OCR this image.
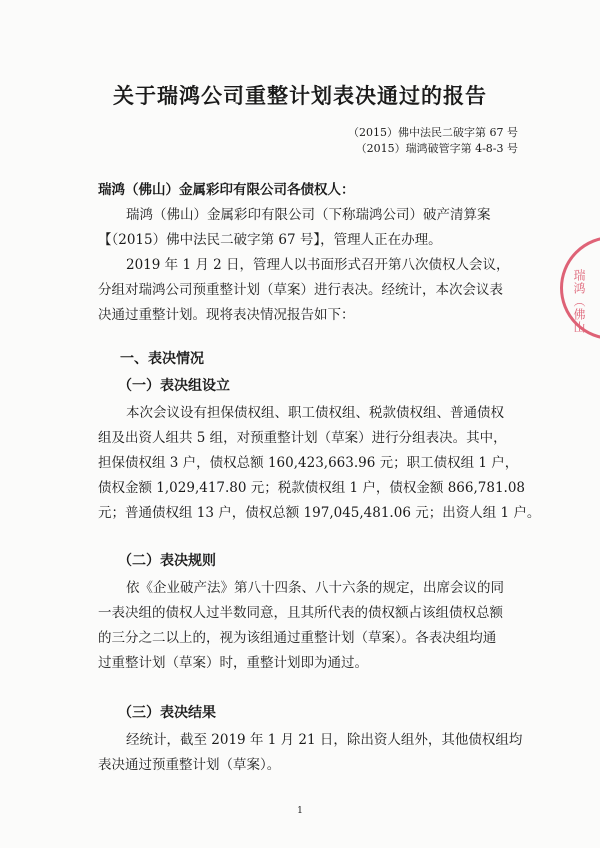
关于瑞鸿公司重整计划表决通过的报告
（2015）佛中法民二破字第 67 号
（2015）瑞鸿破管字第 4-8-3 号
瑞鸿（佛山）金属彩印有限公司各债权人：
瑞鸿（佛山）金属彩印有限公司（下称瑞鸿公司）破产清算案
【（2015）佛中法民二破字第 67 号】，管理人正在办理。
2019 年 1 月 2 日，管理人以书面形式召开第八次债权人会议，
分组对瑞鸿公司预重整计划（草案）进行表决。经统计，本次会议表
决通过重整计划。现将表决情况报告如下：
一、表决情况
（一）表决组设立
本次会议设有担保债权组、职工债权组、税款债权组、普通债权
组及出资人组共 5 组，对预重整计划（草案）进行分组表决。其中，
担保债权组 3 户，债权总额 160,423,663.96 元；职工债权组 1 户，
债权金额 1,029,417.80 元；税款债权组 1 户，债权金额 866,781.08
元；普通债权组 13 户，债权总额 197,045,481.06 元；出资人组 1 户。
（二）表决规则
依《企业破产法》第八十四条、八十六条的规定，出席会议的同
一表决组的债权人过半数同意，且其所代表的债权额占该组债权总额
的三分之二以上的，视为该组通过重整计划（草案）。各表决组均通
过重整计划（草案）时，重整计划即为通过。
（三）表决结果
经统计，截至 2019 年 1 月 21 日，除出资人组外，其他债权组均
表决通过预重整计划（草案）。
1
瑞鸿（佛山
